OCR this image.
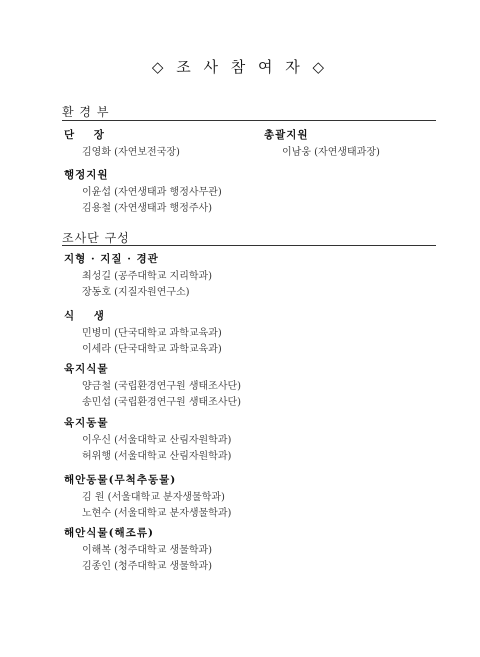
◇ 조 사 참 여 자 ◇
환 경 부
단    장
김영화 (자연보전국장)
총괄지원
이남웅 (자연생태과장)
행정지원
이윤섭 (자연생태과 행정사무관)
김용철 (자연생태과 행정주사)
조사단 구성
지형 · 지질 · 경관
최성길 (공주대학교 지리학과)
장동호 (지질자원연구소)
식    생
민병미 (단국대학교 과학교육과)
이세라 (단국대학교 과학교육과)
육지식물
양금철 (국립환경연구원 생태조사단)
송민섭 (국립환경연구원 생태조사단)
육지동물
이우신 (서울대학교 산림자원학과)
허위행 (서울대학교 산림자원학과)
해안동물(무척추동물)
김 원 (서울대학교 분자생물학과)
노현수 (서울대학교 분자생물학과)
해안식물(해조류)
이해복 (청주대학교 생물학과)
김종인 (청주대학교 생물학과)
